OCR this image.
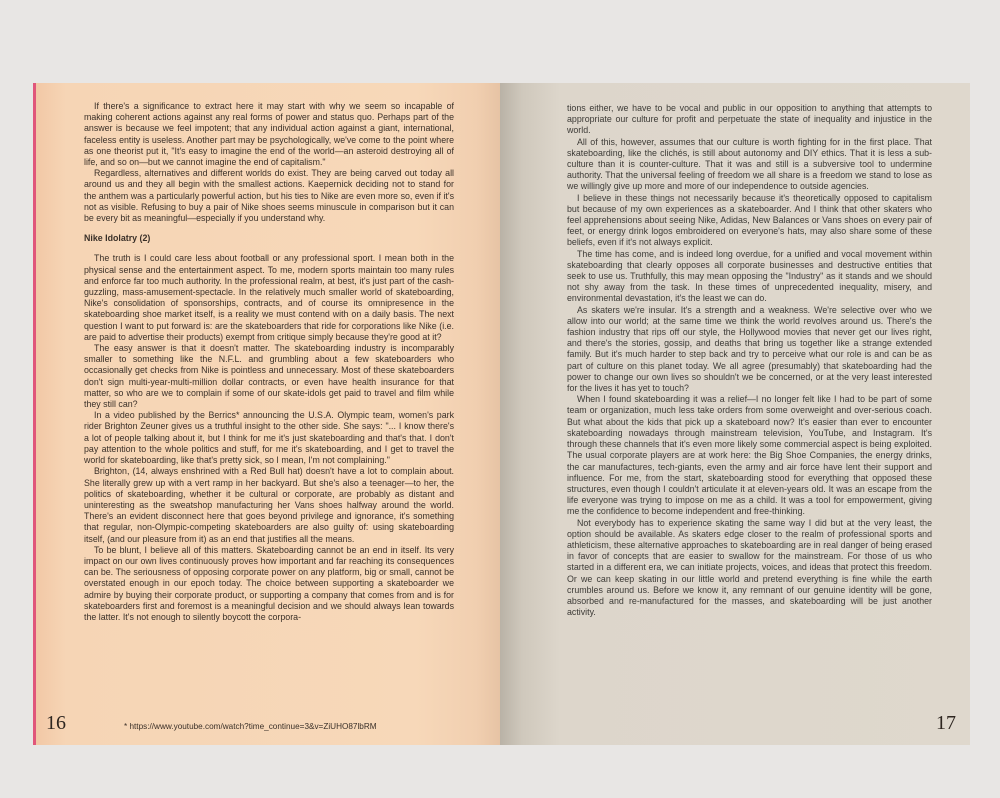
If there's a significance to extract here it may start with why we seem so incapable of making coherent actions against any real forms of power and status quo. Perhaps part of the answer is because we feel impotent; that any individual action against a giant, international, faceless entity is useless. Another part may be psychologically, we've come to the point where as one theorist put it, "It's easy to imagine the end of the world—an asteroid destroying all of life, and so on—but we cannot imagine the end of capitalism."

Regardless, alternatives and different worlds do exist. They are being carved out today all around us and they all begin with the smallest actions. Kaepernick deciding not to stand for the anthem was a particularly powerful action, but his ties to Nike are even more so, even if it's not as visible. Refusing to buy a pair of Nike shoes seems minuscule in comparison but it can be every bit as meaningful—especially if you understand why.

Nike Idolatry (2)

The truth is I could care less about football or any professional sport. I mean both in the physical sense and the entertainment aspect. To me, modern sports maintain too many rules and enforce far too much authority. In the professional realm, at best, it's just part of the cash-guzzling, mass-amusement-spectacle. In the relatively much smaller world of skateboarding, Nike's consolidation of sponsorships, contracts, and of course its omnipresence in the skateboarding shoe market itself, is a reality we must contend with on a daily basis. The next question I want to put forward is: are the skateboarders that ride for corporations like Nike (i.e. are paid to advertise their products) exempt from critique simply because they're good at it?

The easy answer is that it doesn't matter. The skateboarding industry is incomparably smaller to something like the N.F.L. and grumbling about a few skateboarders who occasionally get checks from Nike is pointless and unnecessary. Most of these skateboarders don't sign multi-year-multi-million dollar contracts, or even have health insurance for that matter, so who are we to complain if some of our skate-idols get paid to travel and film while they still can?

In a video published by the Berrics* announcing the U.S.A. Olympic team, women's park rider Brighton Zeuner gives us a truthful insight to the other side. She says: "... I know there's a lot of people talking about it, but I think for me it's just skateboarding and that's that. I don't pay attention to the whole politics and stuff, for me it's skateboarding, and I get to travel the world for skateboarding, like that's pretty sick, so I mean, I'm not complaining."

Brighton, (14, always enshrined with a Red Bull hat) doesn't have a lot to complain about. She literally grew up with a vert ramp in her backyard. But she's also a teenager—to her, the politics of skateboarding, whether it be cultural or corporate, are probably as distant and uninteresting as the sweatshop manufacturing her Vans shoes halfway around the world. There's an evident disconnect here that goes beyond privilege and ignorance, it's something that regular, non-Olympic-competing skateboarders are also guilty of: using skateboarding itself, (and our pleasure from it) as an end that justifies all the means.

To be blunt, I believe all of this matters. Skateboarding cannot be an end in itself. Its very impact on our own lives continuously proves how important and far reaching its consequences can be. The seriousness of opposing corporate power on any platform, big or small, cannot be overstated enough in our epoch today. The choice between supporting a skateboarder we admire by buying their corporate product, or supporting a company that comes from and is for skateboarders first and foremost is a meaningful decision and we should always lean towards the latter. It's not enough to silently boycott the corpora-

16	* https://www.youtube.com/watch?time_continue=3&v=ZiUHO87lbRM

tions either, we have to be vocal and public in our opposition to anything that attempts to appropriate our culture for profit and perpetuate the state of inequality and injustice in the world.

All of this, however, assumes that our culture is worth fighting for in the first place. That skateboarding, like the clichés, is still about autonomy and DIY ethics. That it is less a sub-culture than it is counter-culture. That it was and still is a subversive tool to undermine authority. That the universal feeling of freedom we all share is a freedom we stand to lose as we willingly give up more and more of our independence to outside agencies.

I believe in these things not necessarily because it's theoretically opposed to capitalism but because of my own experiences as a skateboarder. And I think that other skaters who feel apprehensions about seeing Nike, Adidas, New Balances or Vans shoes on every pair of feet, or energy drink logos embroidered on everyone's hats, may also share some of these beliefs, even if it's not always explicit.

The time has come, and is indeed long overdue, for a unified and vocal movement within skateboarding that clearly opposes all corporate businesses and destructive entities that seek to use us. Truthfully, this may mean opposing the "Industry" as it stands and we should not shy away from the task. In these times of unprecedented inequality, misery, and environmental devastation, it's the least we can do.

As skaters we're insular. It's a strength and a weakness. We're selective over who we allow into our world; at the same time we think the world revolves around us. There's the fashion industry that rips off our style, the Hollywood movies that never get our lives right, and there's the stories, gossip, and deaths that bring us together like a strange extended family. But it's much harder to step back and try to perceive what our role is and can be as part of culture on this planet today. We all agree (presumably) that skateboarding had the power to change our own lives so shouldn't we be concerned, or at the very least interested for the lives it has yet to touch?

When I found skateboarding it was a relief—I no longer felt like I had to be part of some team or organization, much less take orders from some overweight and over-serious coach. But what about the kids that pick up a skateboard now? It's easier than ever to encounter skateboarding nowadays through mainstream television, YouTube, and Instagram. It's through these channels that it's even more likely some commercial aspect is being exploited. The usual corporate players are at work here: the Big Shoe Companies, the energy drinks, the car manufactures, tech-giants, even the army and air force have lent their support and influence. For me, from the start, skateboarding stood for everything that opposed these structures, even though I couldn't articulate it at eleven-years old. It was an escape from the life everyone was trying to impose on me as a child. It was a tool for empowerment, giving me the confidence to become independent and free-thinking.

Not everybody has to experience skating the same way I did but at the very least, the option should be available. As skaters edge closer to the realm of professional sports and athleticism, these alternative approaches to skateboarding are in real danger of being erased in favor of concepts that are easier to swallow for the mainstream. For those of us who started in a different era, we can initiate projects, voices, and ideas that protect this freedom. Or we can keep skating in our little world and pretend everything is fine while the earth crumbles around us. Before we know it, any remnant of our genuine identity will be gone, absorbed and re-manufactured for the masses, and skateboarding will be just another activity.

17
